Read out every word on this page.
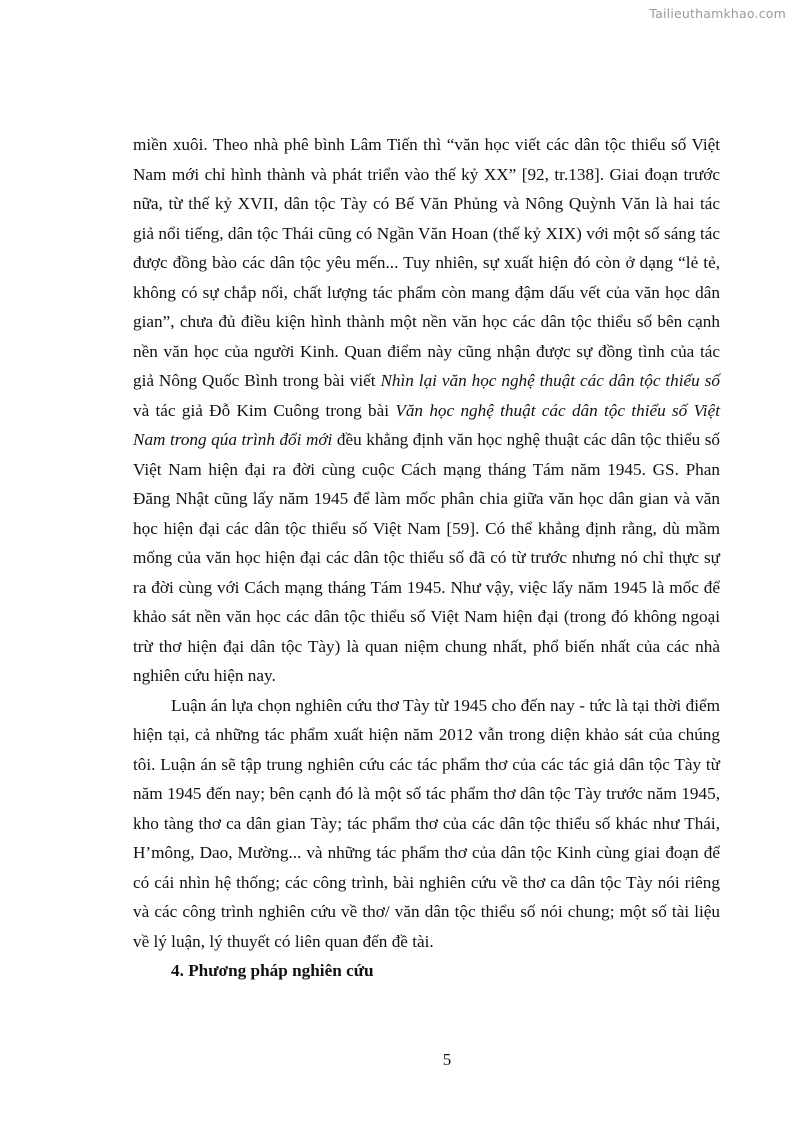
Tailieuthamkhao.com

miền xuôi. Theo nhà phê bình Lâm Tiến thì “văn học viết các dân tộc thiểu số Việt Nam mới chỉ hình thành và phát triển vào thế kỷ XX” [92, tr.138]. Giai đoạn trước nữa, từ thế kỷ XVII, dân tộc Tày có Bế Văn Phủng và Nông Quỳnh Văn là hai tác giả nổi tiếng, dân tộc Thái cũng có Ngần Văn Hoan (thế kỷ XIX) với một số sáng tác được đồng bào các dân tộc yêu mến... Tuy nhiên, sự xuất hiện đó còn ở dạng “lẻ tẻ, không có sự chắp nối, chất lượng tác phẩm còn mang đậm dấu vết của văn học dân gian”, chưa đủ điều kiện hình thành một nền văn học các dân tộc thiểu số bên cạnh nền văn học của người Kinh. Quan điểm này cũng nhận được sự đồng tình của tác giả Nông Quốc Bình trong bài viết Nhìn lại văn học nghệ thuật các dân tộc thiểu số và tác giả Đỗ Kim Cuông trong bài Văn học nghệ thuật các dân tộc thiểu số Việt Nam trong qúa trình đổi mới đều khẳng định văn học nghệ thuật các dân tộc thiểu số Việt Nam hiện đại ra đời cùng cuộc Cách mạng tháng Tám năm 1945. GS. Phan Đăng Nhật cũng lấy năm 1945 để làm mốc phân chia giữa văn học dân gian và văn học hiện đại các dân tộc thiểu số Việt Nam [59]. Có thể khẳng định rằng, dù mầm mống của văn học hiện đại các dân tộc thiểu số đã có từ trước nhưng nó chỉ thực sự ra đời cùng với Cách mạng tháng Tám 1945. Như vậy, việc lấy năm 1945 là mốc để khảo sát nền văn học các dân tộc thiểu số Việt Nam hiện đại (trong đó không ngoại trừ thơ hiện đại dân tộc Tày) là quan niệm chung nhất, phổ biến nhất của các nhà nghiên cứu hiện nay.

Luận án lựa chọn nghiên cứu thơ Tày từ 1945 cho đến nay - tức là tại thời điểm hiện tại, cả những tác phẩm xuất hiện năm 2012 vẫn trong diện khảo sát của chúng tôi. Luận án sẽ tập trung nghiên cứu các tác phẩm thơ của các tác giả dân tộc Tày từ năm 1945 đến nay; bên cạnh đó là một số tác phẩm thơ dân tộc Tày trước năm 1945, kho tàng thơ ca dân gian Tày; tác phẩm thơ của các dân tộc thiểu số khác như Thái, H’mông, Dao, Mường... và những tác phẩm thơ của dân tộc Kinh cùng giai đoạn để có cái nhìn hệ thống; các công trình, bài nghiên cứu về thơ ca dân tộc Tày nói riêng và các công trình nghiên cứu về thơ/ văn dân tộc thiểu số nói chung; một số tài liệu về lý luận, lý thuyết có liên quan đến đề tài.

4. Phương pháp nghiên cứu

5
